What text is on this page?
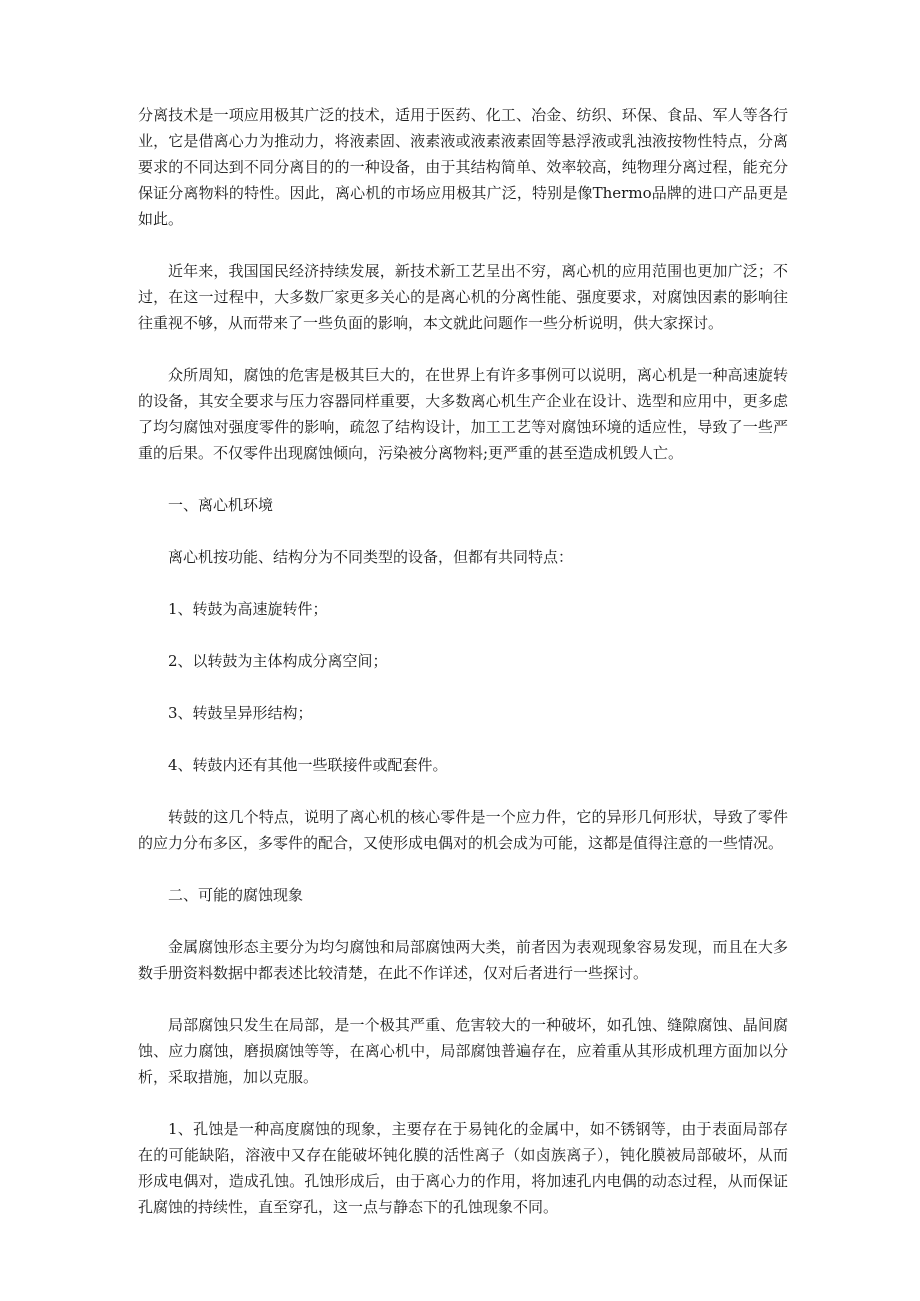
分离技术是一项应用极其广泛的技术，适用于医药、化工、冶金、纺织、环保、食品、军人等各行业，它是借离心力为推动力，将液素固、液素液或液素液素固等悬浮液或乳浊液按物性特点，分离要求的不同达到不同分离目的的一种设备，由于其结构简单、效率较高，纯物理分离过程，能充分保证分离物料的特性。因此，离心机的市场应用极其广泛，特别是像Thermo品牌的进口产品更是如此。

近年来，我国国民经济持续发展，新技术新工艺呈出不穷，离心机的应用范围也更加广泛；不过，在这一过程中，大多数厂家更多关心的是离心机的分离性能、强度要求，对腐蚀因素的影响往往重视不够，从而带来了一些负面的影响，本文就此问题作一些分析说明，供大家探讨。

众所周知，腐蚀的危害是极其巨大的，在世界上有许多事例可以说明，离心机是一种高速旋转的设备，其安全要求与压力容器同样重要，大多数离心机生产企业在设计、选型和应用中，更多虑了均匀腐蚀对强度零件的影响，疏忽了结构设计，加工工艺等对腐蚀环境的适应性，导致了一些严重的后果。不仅零件出现腐蚀倾向，污染被分离物料;更严重的甚至造成机毁人亡。

一、离心机环境

离心机按功能、结构分为不同类型的设备，但都有共同特点：

1、转鼓为高速旋转件；

2、以转鼓为主体构成分离空间；

3、转鼓呈异形结构；

4、转鼓内还有其他一些联接件或配套件。

转鼓的这几个特点，说明了离心机的核心零件是一个应力件，它的异形几何形状，导致了零件的应力分布多区，多零件的配合，又使形成电偶对的机会成为可能，这都是值得注意的一些情况。

二、可能的腐蚀现象

金属腐蚀形态主要分为均匀腐蚀和局部腐蚀两大类，前者因为表观现象容易发现，而且在大多数手册资料数据中都表述比较清楚，在此不作详述，仅对后者进行一些探讨。

局部腐蚀只发生在局部，是一个极其严重、危害较大的一种破坏，如孔蚀、缝隙腐蚀、晶间腐蚀、应力腐蚀，磨损腐蚀等等，在离心机中，局部腐蚀普遍存在，应着重从其形成机理方面加以分析，采取措施，加以克服。

1、孔蚀是一种高度腐蚀的现象，主要存在于易钝化的金属中，如不锈钢等，由于表面局部存在的可能缺陷，溶液中又存在能破坏钝化膜的活性离子（如卤族离子），钝化膜被局部破坏，从而形成电偶对，造成孔蚀。孔蚀形成后，由于离心力的作用，将加速孔内电偶的动态过程，从而保证孔腐蚀的持续性，直至穿孔，这一点与静态下的孔蚀现象不同。
